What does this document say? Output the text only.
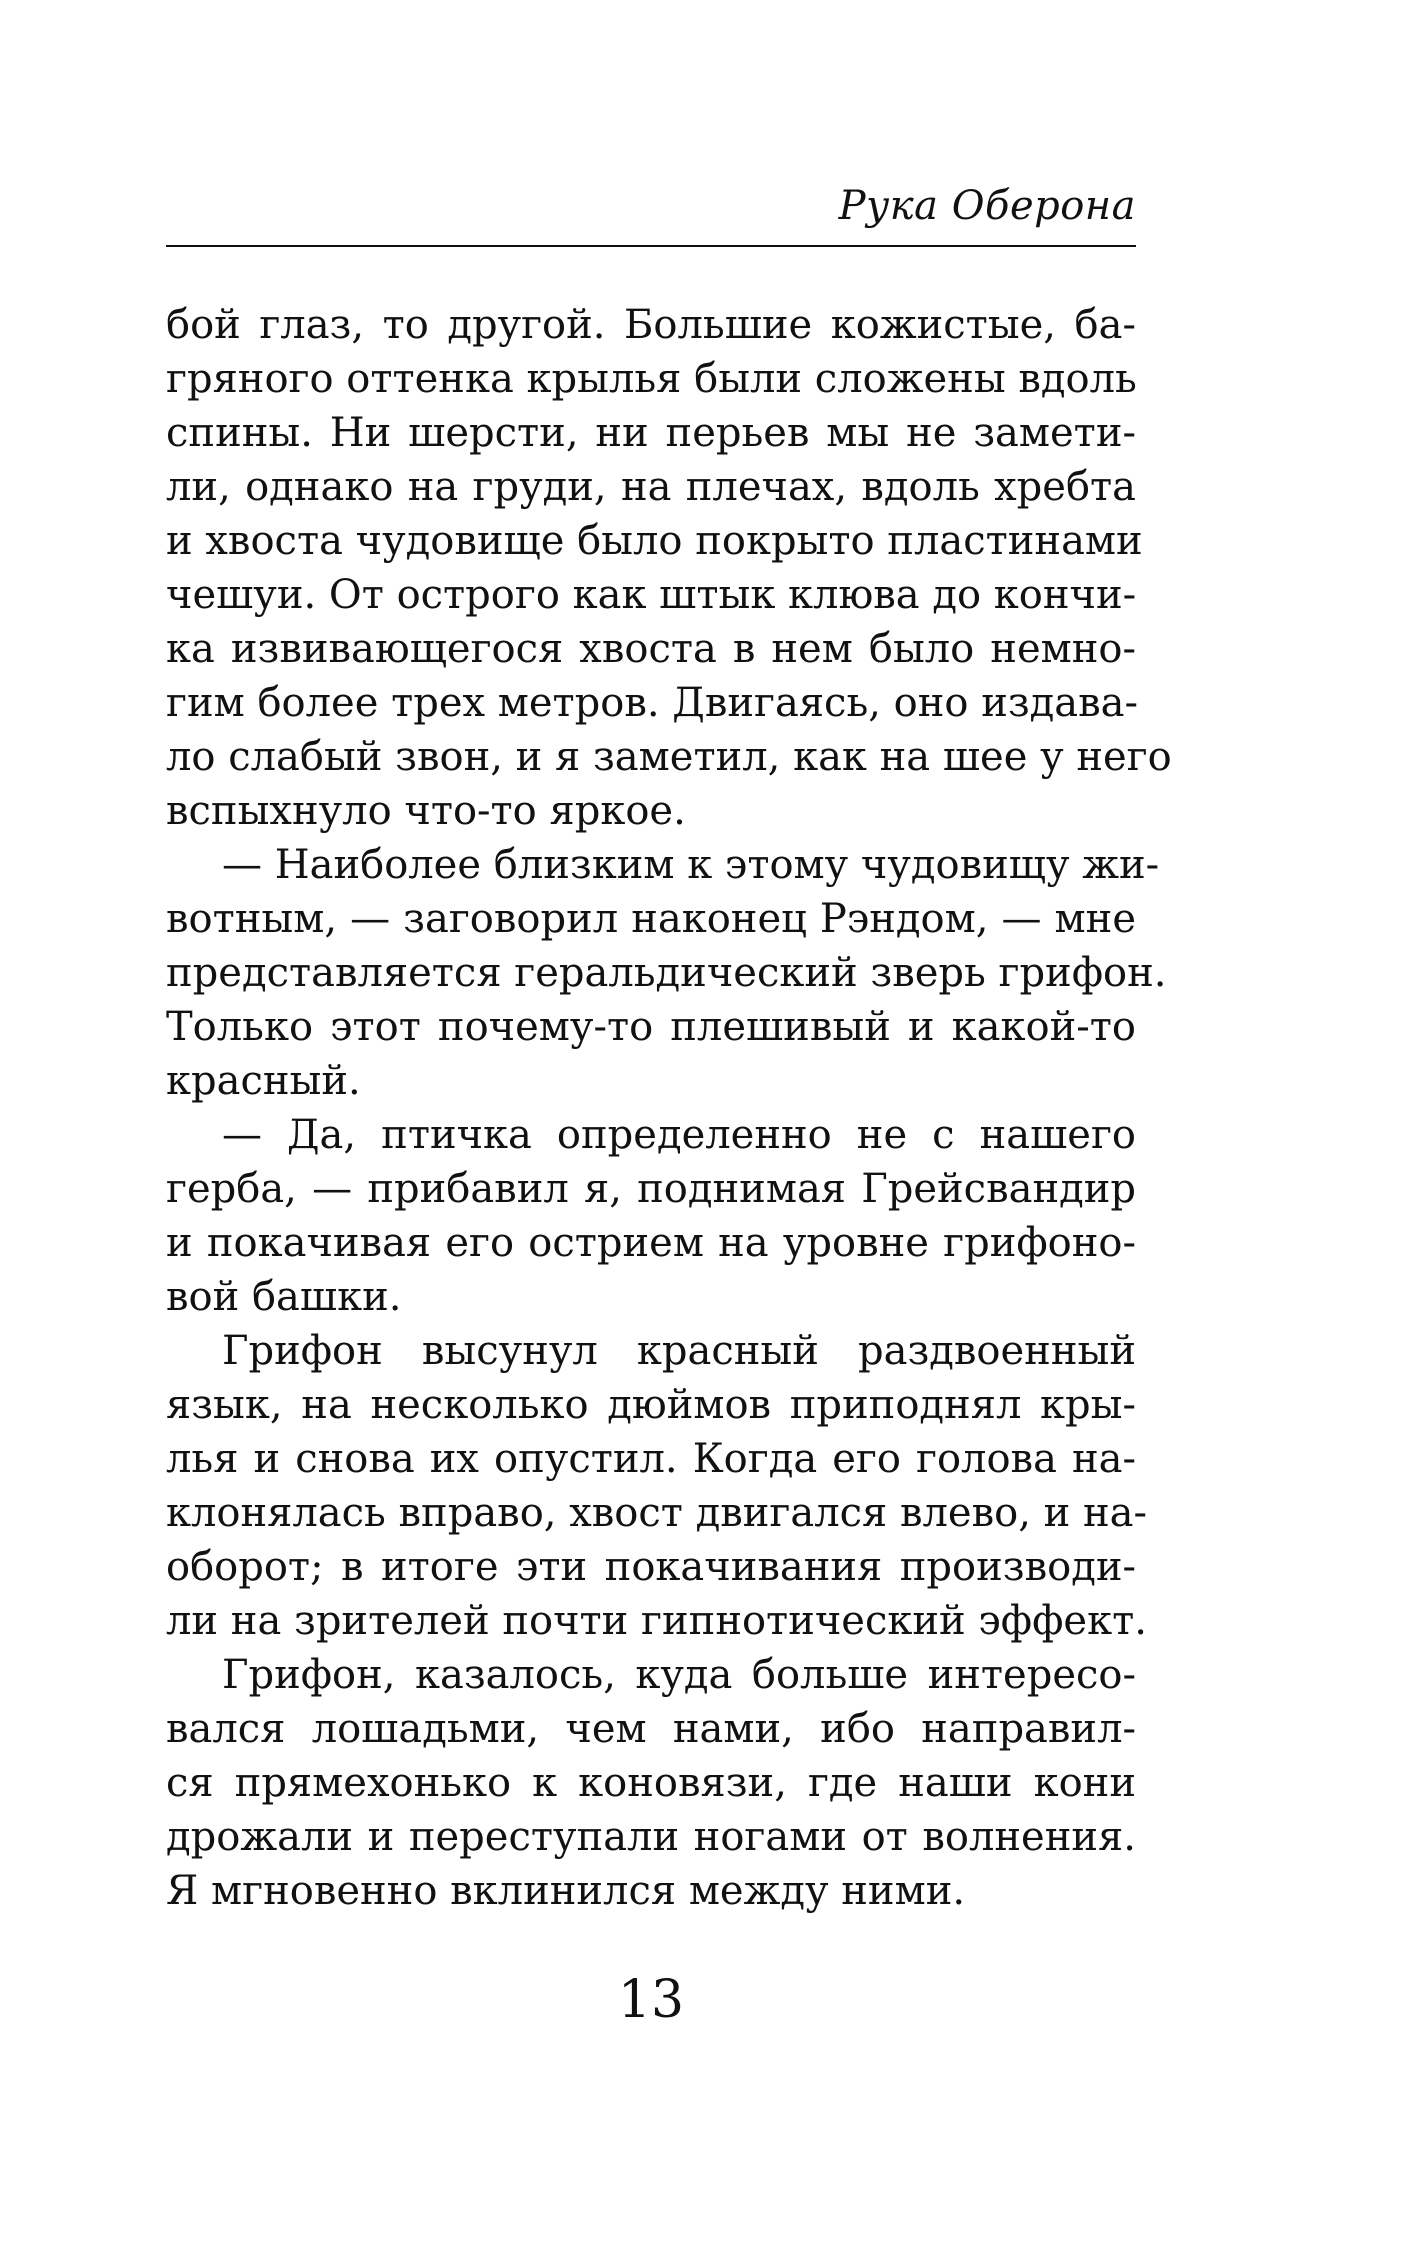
Рука Оберона
бой глаз, то другой. Большие кожистые, ба-
гряного оттенка крылья были сложены вдоль
спины. Ни шерсти, ни перьев мы не замети-
ли, однако на груди, на плечах, вдоль хребта
и хвоста чудовище было покрыто пластинами
чешуи. От острого как штык клюва до кончи-
ка извивающегося хвоста в нем было немно-
гим более трех метров. Двигаясь, оно издава-
ло слабый звон, и я заметил, как на шее у него
вспыхнуло что-то яркое.
— Наиболее близким к этому чудовищу жи-
вотным, — заговорил наконец Рэндом, — мне
представляется геральдический зверь грифон.
Только этот почему-то плешивый и какой-то
красный.
— Да, птичка определенно не с нашего
герба, — прибавил я, поднимая Грейсвандир
и покачивая его острием на уровне грифоно-
вой башки.
Грифон высунул красный раздвоенный
язык, на несколько дюймов приподнял кры-
лья и снова их опустил. Когда его голова на-
клонялась вправо, хвост двигался влево, и на-
оборот; в итоге эти покачивания производи-
ли на зрителей почти гипнотический эффект.
Грифон, казалось, куда больше интересо-
вался лошадьми, чем нами, ибо направил-
ся прямехонько к коновязи, где наши кони
дрожали и переступали ногами от волнения.
Я мгновенно вклинился между ними.
13
